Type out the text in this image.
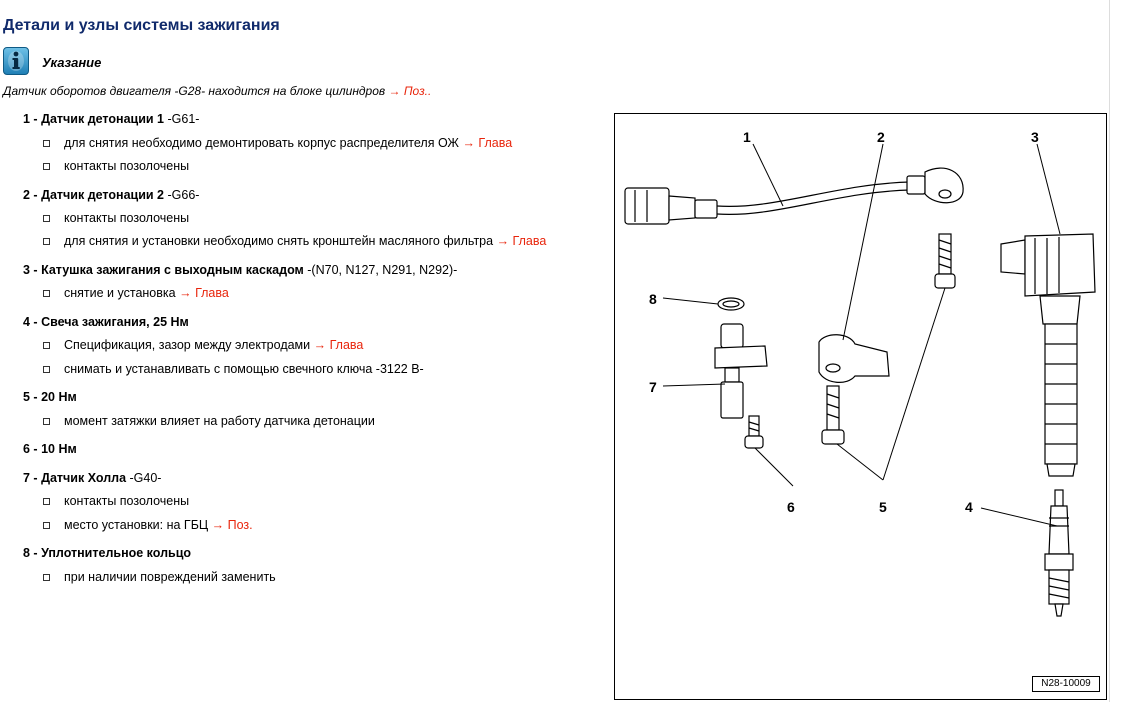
Детали и узлы системы зажигания
Указание
Датчик оборотов двигателя -G28- находится на блоке цилиндров → Поз..
1 - Датчик детонации 1 -G61-
для снятия необходимо демонтировать корпус распределителя ОЖ
→ Глава
контакты позолочены
2 - Датчик детонации 2 -G66-
контакты позолочены
для снятия и установки необходимо снять кронштейн масляного фильтра
→ Глава
3 - Катушка зажигания с выходным каскадом -(N70, N127, N291, N292)-
снятие и установка
→ Глава
4 - Свеча зажигания, 25 Нм
Спецификация, зазор между электродами
→ Глава
снимать и устанавливать с помощью свечного ключа -3122 В-
5 - 20 Нм
момент затяжки влияет на работу датчика детонации
6 - 10 Нм
7 - Датчик Холла -G40-
контакты позолочены
место установки: на ГБЦ
→ Поз.
8 - Уплотнительное кольцо
при наличии повреждений заменить
1	2	3
4
5
6
7
8
N28-10009
